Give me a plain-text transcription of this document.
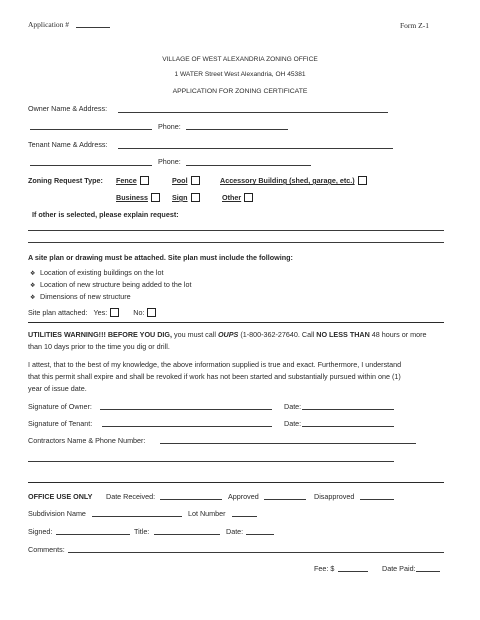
Application #	Form Z-1
VILLAGE OF WEST ALEXANDRIA ZONING OFFICE
1 WATER Street West Alexandria, OH 45381
APPLICATION FOR ZONING CERTIFICATE
Owner Name & Address:
Phone:
Tenant Name & Address:
Phone:
Zoning Request Type: Fence	Pool	Accessory Building (shed, garage, etc.)
Business	Sign	Other
If other is selected, please explain request:
A site plan or drawing must be attached. Site plan must include the following:
❖ Location of existing buildings on the lot
❖ Location of new structure being added to the lot
❖ Dimensions of new structure
Site plan attached: Yes:	No:
UTILITIES WARNING!!! BEFORE YOU DIG, you must call OUPS (1-800-362-27640. Call NO LESS THAN 48 hours or more
than 10 days prior to the time you dig or drill.
I attest, that to the best of my knowledge, the above information supplied is true and exact. Furthermore, I understand
that this permit shall expire and shall be revoked if work has not been started and substantially pursued within one (1)
year of issue date.
Signature of Owner:	Date:
Signature of Tenant:	Date:
Contractors Name & Phone Number:
OFFICE USE ONLY Date Received:	Approved	Disapproved
Subdivision Name	Lot Number
Signed:	Title:	Date:
Comments:
Fee: $	Date Paid:
